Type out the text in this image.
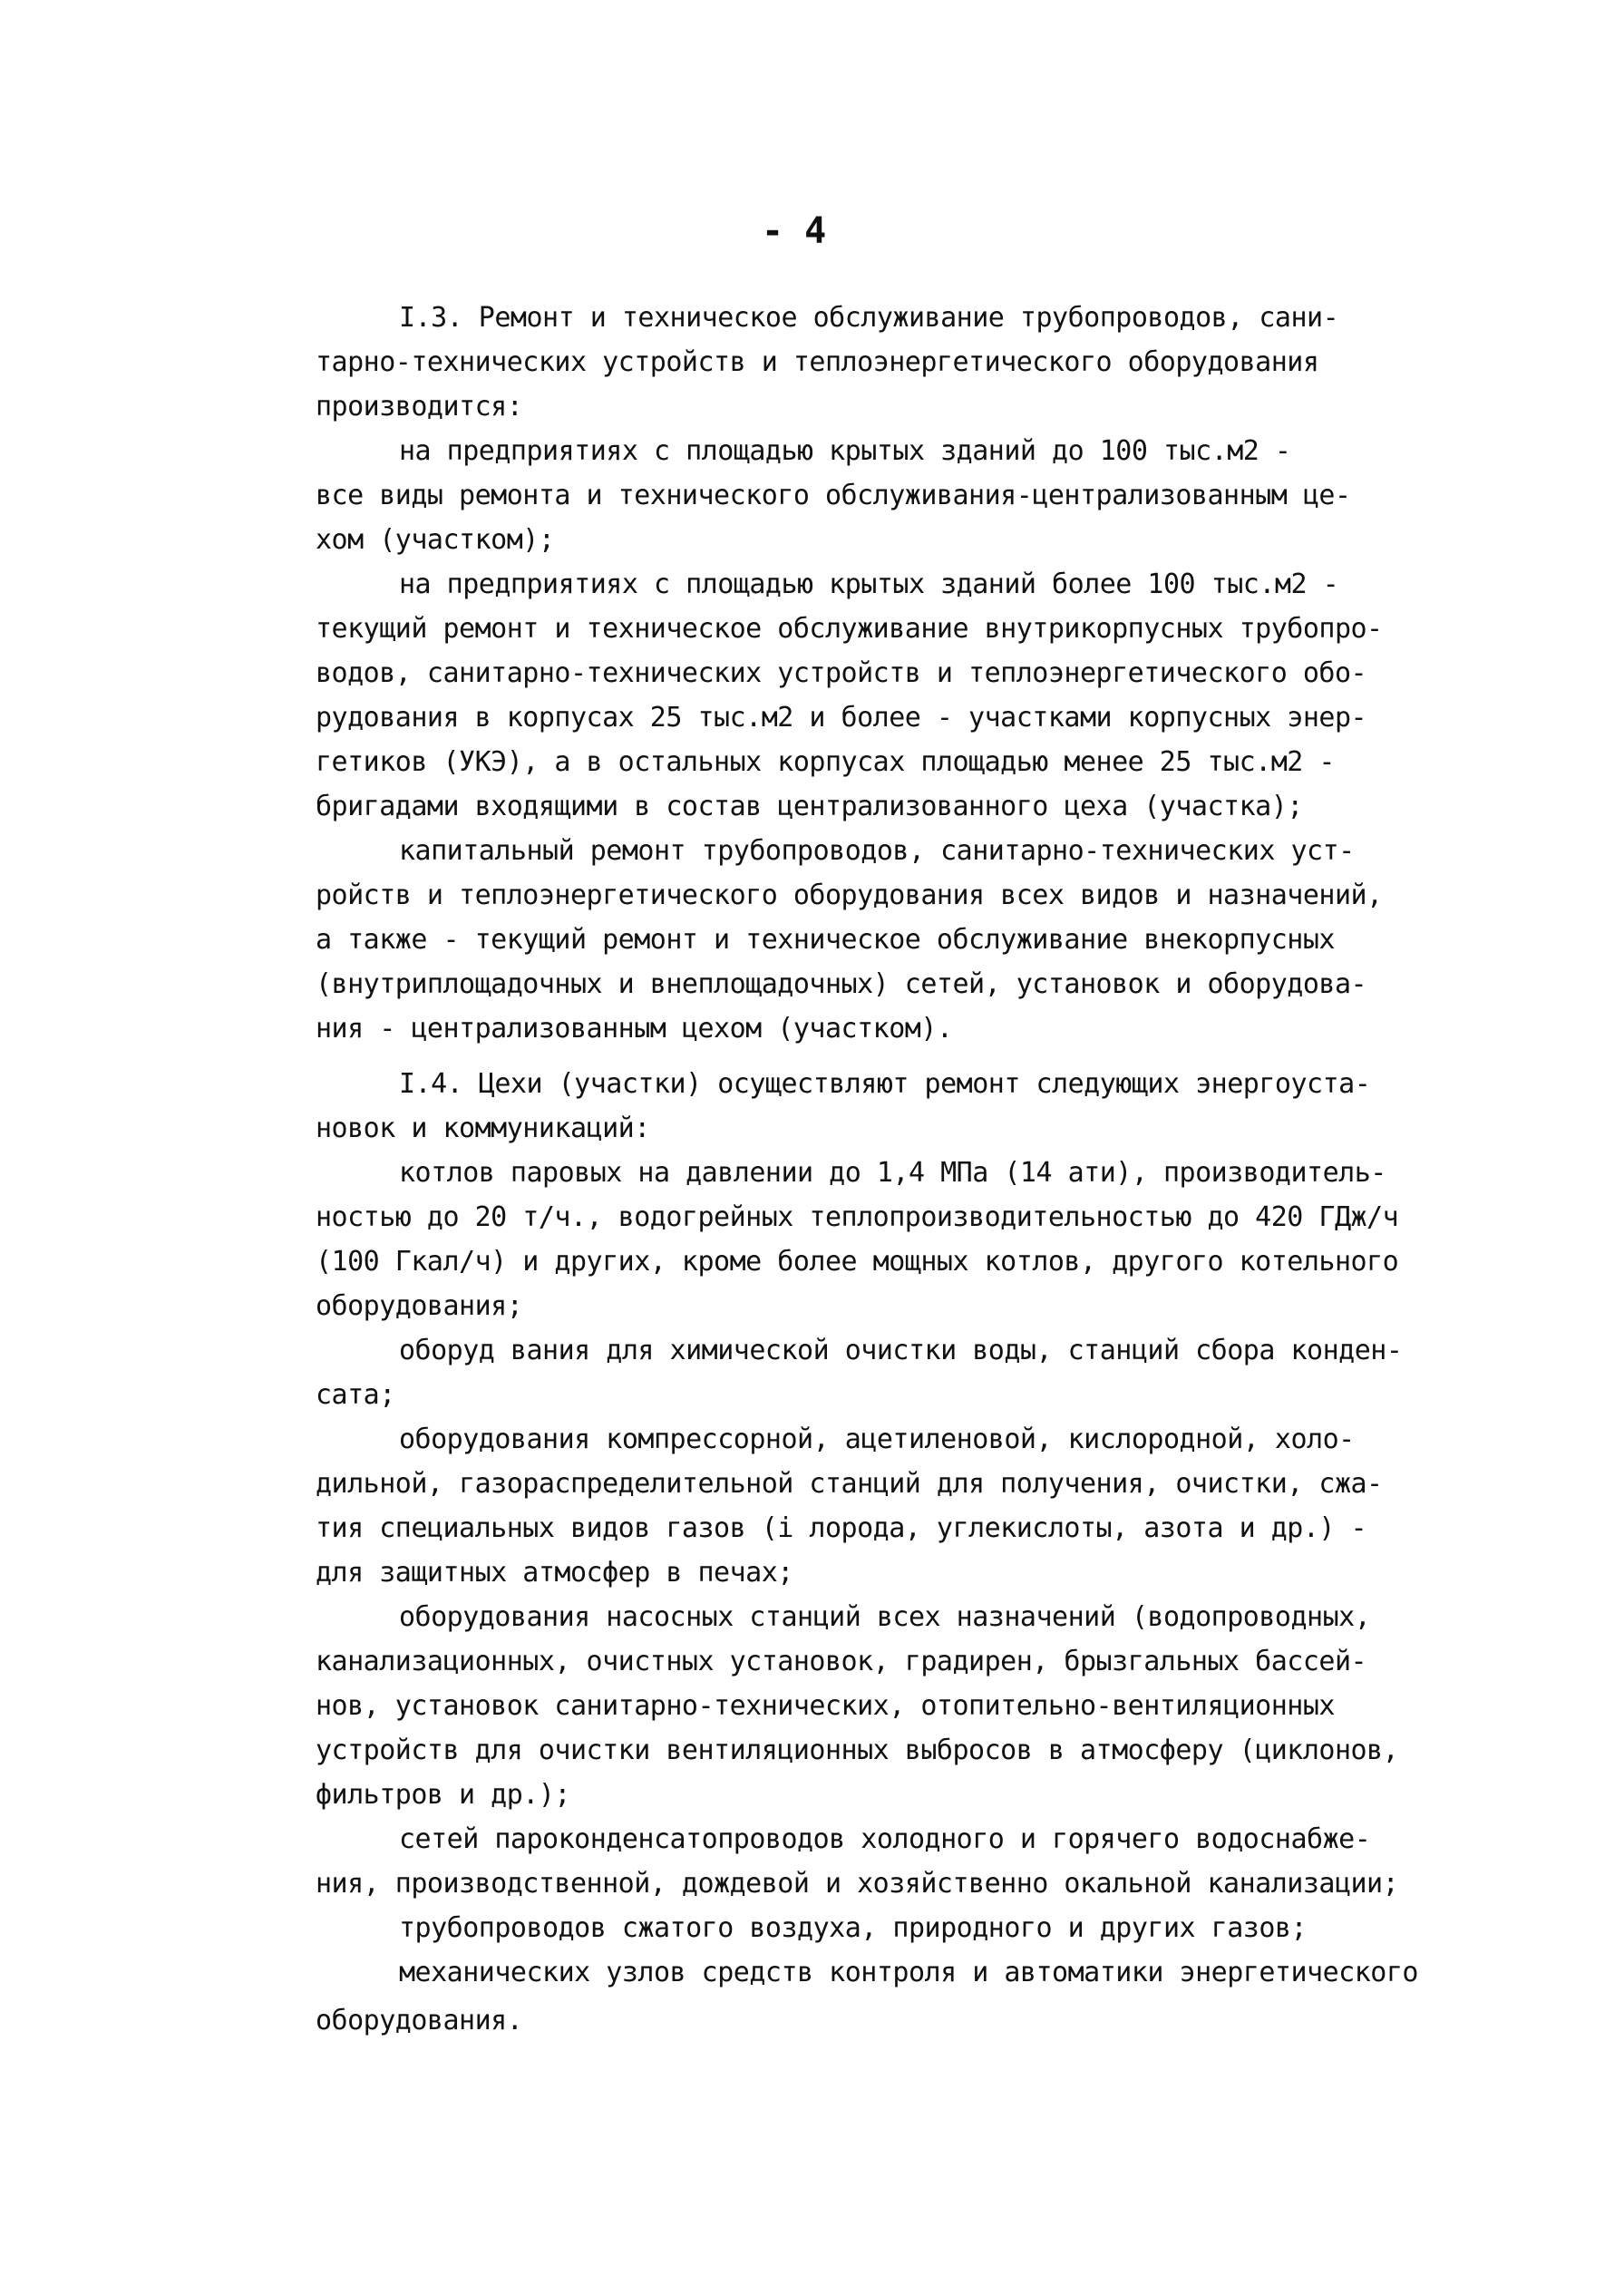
- 4
I.3. Ремонт и техническое обслуживание трубопроводов, сани-
тарно-технических устройств и теплоэнергетического оборудования
производится:
на предприятиях с площадью крытых зданий до 100 тыс.м2 -
все виды ремонта и технического обслуживания-централизованным це-
хом (участком);
на предприятиях с площадью крытых зданий более 100 тыс.м2 -
текущий ремонт и техническое обслуживание внутрикорпусных трубопро-
водов, санитарно-технических устройств и теплоэнергетического обо-
рудования в корпусах 25 тыс.м2 и более - участками корпусных энер-
гетиков (УКЭ), а в остальных корпусах площадью менее 25 тыс.м2 -
бригадами входящими в состав централизованного цеха (участка);
капитальный ремонт трубопроводов, санитарно-технических уст-
ройств и теплоэнергетического оборудования всех видов и назначений,
а также - текущий ремонт и техническое обслуживание внекорпусных
(внутриплощадочных и внеплощадочных) сетей, установок и оборудова-
ния - централизованным цехом (участком).
I.4. Цехи (участки) осуществляют ремонт следующих энергоуста-
новок и коммуникаций:
котлов паровых на давлении до 1,4 МПа (14 ати), производитель-
ностью до 20 т/ч., водогрейных теплопроизводительностью до 420 ГДж/ч
(100 Гкал/ч) и других, кроме более мощных котлов, другого котельного
оборудования;
оборуд вания для химической очистки воды, станций сбора конден-
сата;
оборудования компрессорной, ацетиленовой, кислородной, холо-
дильной, газораспределительной станций для получения, очистки, сжа-
тия специальных видов газов (і лорода, углекислоты, азота и др.) -
для защитных атмосфер в печах;
оборудования насосных станций всех назначений (водопроводных,
канализационных, очистных установок, градирен, брызгальных бассей-
нов, установок санитарно-технических, отопительно-вентиляционных
устройств для очистки вентиляционных выбросов в атмосферу (циклонов,
фильтров и др.);
сетей пароконденсатопроводов холодного и горячего водоснабже-
ния, производственной, дождевой и хозяйственно окальной канализации;
трубопроводов сжатого воздуха, природного и других газов;
механических узлов средств контроля и автоматики энергетического
оборудования.
